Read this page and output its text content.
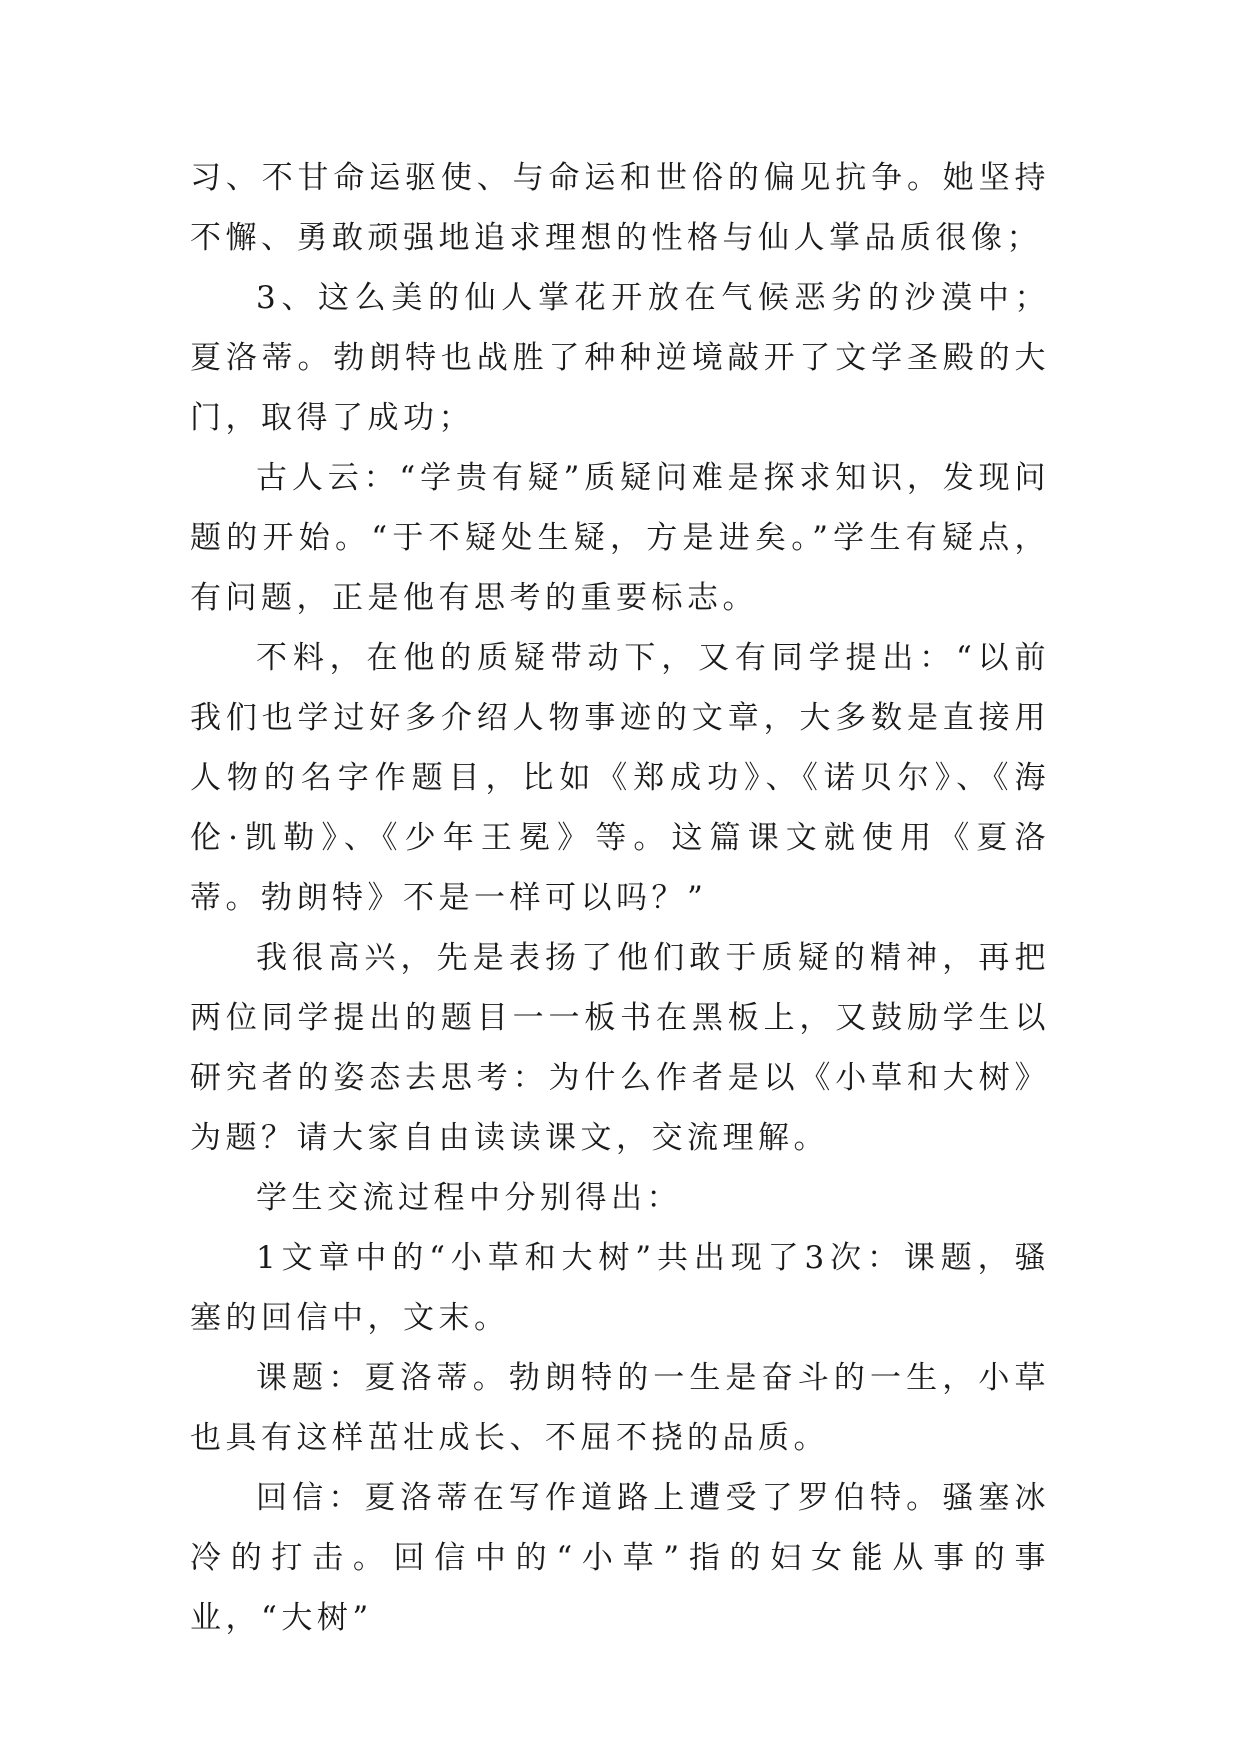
习、不甘命运驱使、与命运和世俗的偏见抗争。她坚持不懈、勇敢顽强地追求理想的性格与仙人掌品质很像；

3、这么美的仙人掌花开放在气候恶劣的沙漠中；夏洛蒂。勃朗特也战胜了种种逆境敲开了文学圣殿的大门，取得了成功；

古人云：“学贵有疑”质疑问难是探求知识，发现问题的开始。“于不疑处生疑，方是进矣。”学生有疑点，有问题，正是他有思考的重要标志。

不料，在他的质疑带动下，又有同学提出：“以前我们也学过好多介绍人物事迹的文章，大多数是直接用人物的名字作题目，比如《郑成功》、《诺贝尔》、《海伦·凯勒》、《少年王冕》等。这篇课文就使用《夏洛蒂。勃朗特》不是一样可以吗？”

我很高兴，先是表扬了他们敢于质疑的精神，再把两位同学提出的题目一一板书在黑板上，又鼓励学生以研究者的姿态去思考：为什么作者是以《小草和大树》为题？请大家自由读读课文，交流理解。

学生交流过程中分别得出：

1文章中的“小草和大树”共出现了3次：课题，骚塞的回信中，文末。

课题：夏洛蒂。勃朗特的一生是奋斗的一生，小草也具有这样茁壮成长、不屈不挠的品质。

回信：夏洛蒂在写作道路上遭受了罗伯特。骚塞冰冷的打击。回信中的“小草”指的妇女能从事的事业，“大树”
